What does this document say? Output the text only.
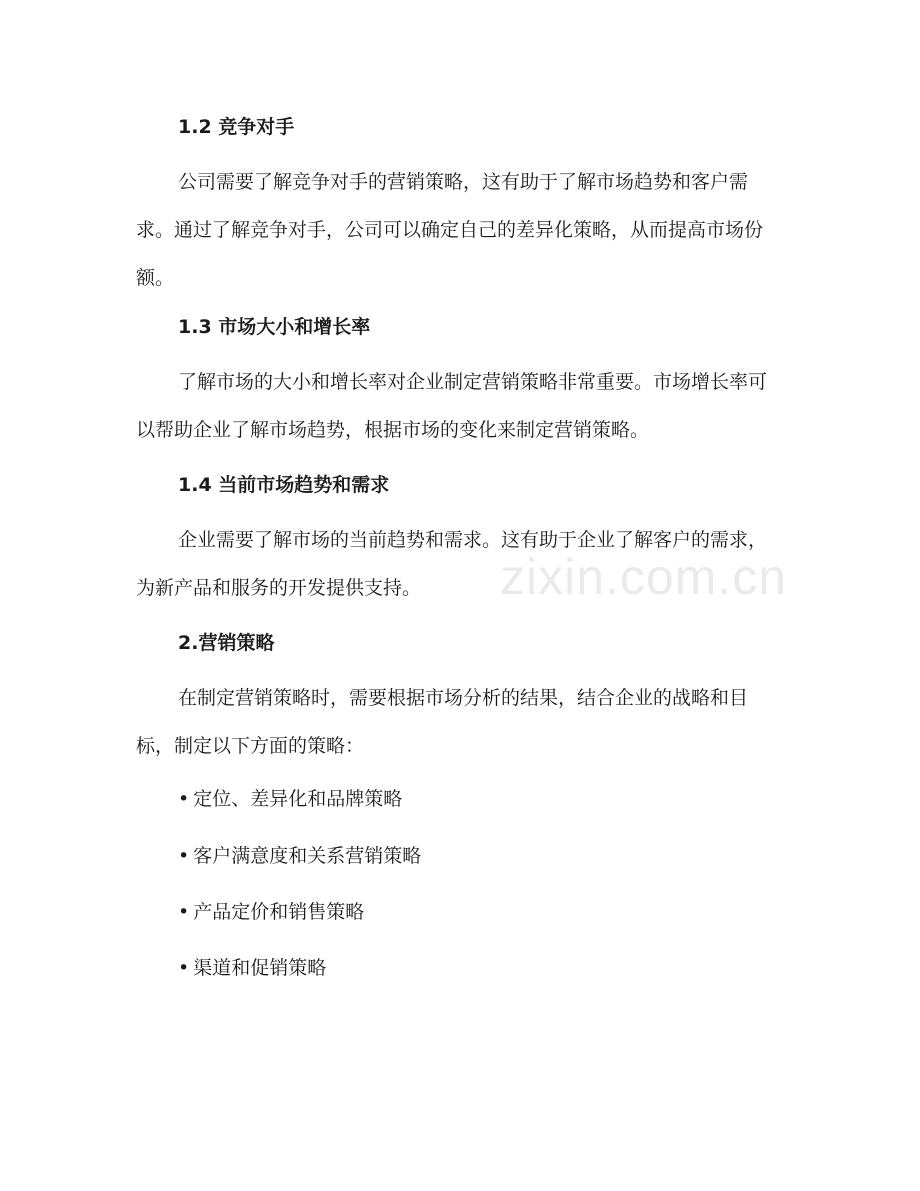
1.2 竞争对手

公司需要了解竞争对手的营销策略，这有助于了解市场趋势和客户需求。通过了解竞争对手，公司可以确定自己的差异化策略，从而提高市场份额。

1.3 市场大小和增长率

了解市场的大小和增长率对企业制定营销策略非常重要。市场增长率可以帮助企业了解市场趋势，根据市场的变化来制定营销策略。

1.4 当前市场趋势和需求

企业需要了解市场的当前趋势和需求。这有助于企业了解客户的需求，为新产品和服务的开发提供支持。

2.营销策略

在制定营销策略时，需要根据市场分析的结果，结合企业的战略和目标，制定以下方面的策略：

• 定位、差异化和品牌策略
• 客户满意度和关系营销策略
• 产品定价和销售策略
• 渠道和促销策略
zixin.com.cn
